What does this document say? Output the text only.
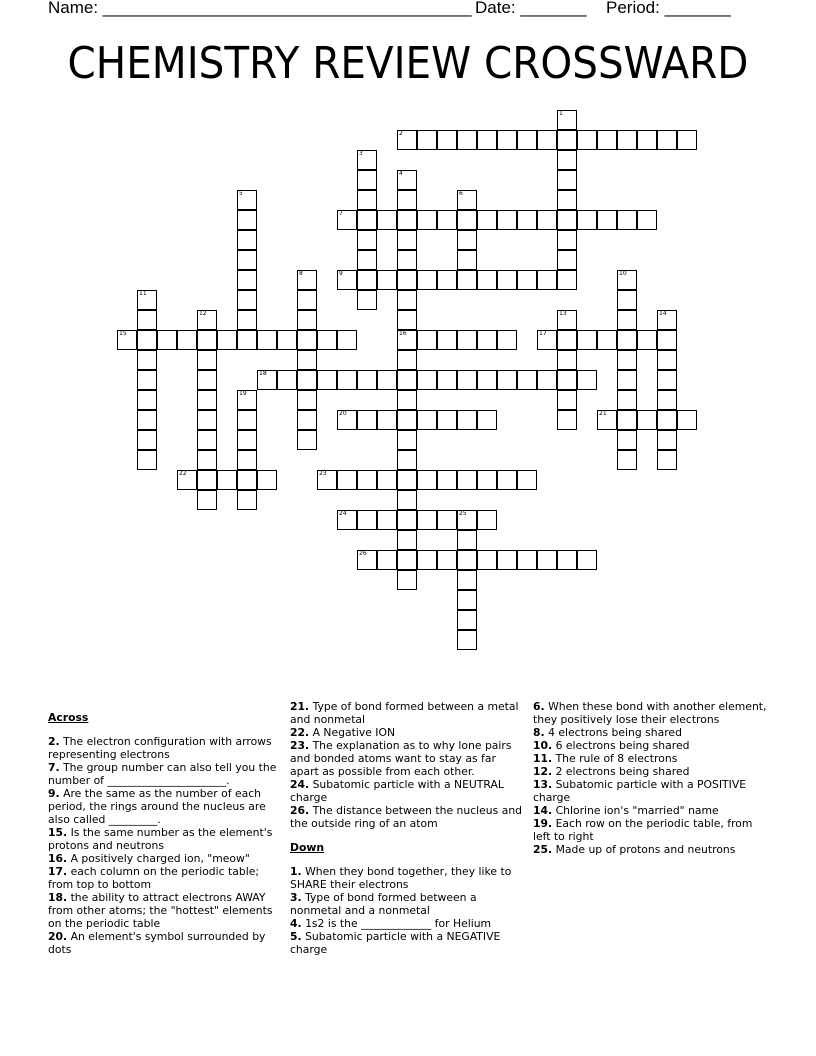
Name: _______________________________________ Date: _______ Period: _______
CHEMISTRY REVIEW CROSSWARD
1
2
3
4
16
5	6
7
8	9	10
11
12	13	14
15	17
18
19
20	21
22	23
24	25
26

Across

2. The electron configuration with arrows representing electrons

7. The group number can also tell you the number of ______________________.

9. Are the same as the number of each period, the rings around the nucleus are also called _________.

15. Is the same number as the element's protons and neutrons

16. A positively charged ion, "meow"

17. each column on the periodic table; from top to bottom

18. the ability to attract electrons AWAY from other atoms; the "hottest" elements on the periodic table

20. An element's symbol surrounded by dots

21. Type of bond formed between a metal and nonmetal

22. A Negative ION

23. The explanation as to why lone pairs and bonded atoms want to stay as far apart as possible from each other.

24. Subatomic particle with a NEUTRAL charge

26. The distance between the nucleus and the outside ring of an atom

Down

1. When they bond together, they like to SHARE their electrons

3. Type of bond formed between a nonmetal and a nonmetal

4. 1s2 is the _____________ for Helium

5. Subatomic particle with a NEGATIVE charge

6. When these bond with another element, they positively lose their electrons

8. 4 electrons being shared

10. 6 electrons being shared

11. The rule of 8 electrons

12. 2 electrons being shared

13. Subatomic particle with a POSITIVE charge

14. Chlorine ion's "married" name

19. Each row on the periodic table, from left to right

25. Made up of protons and neutrons
